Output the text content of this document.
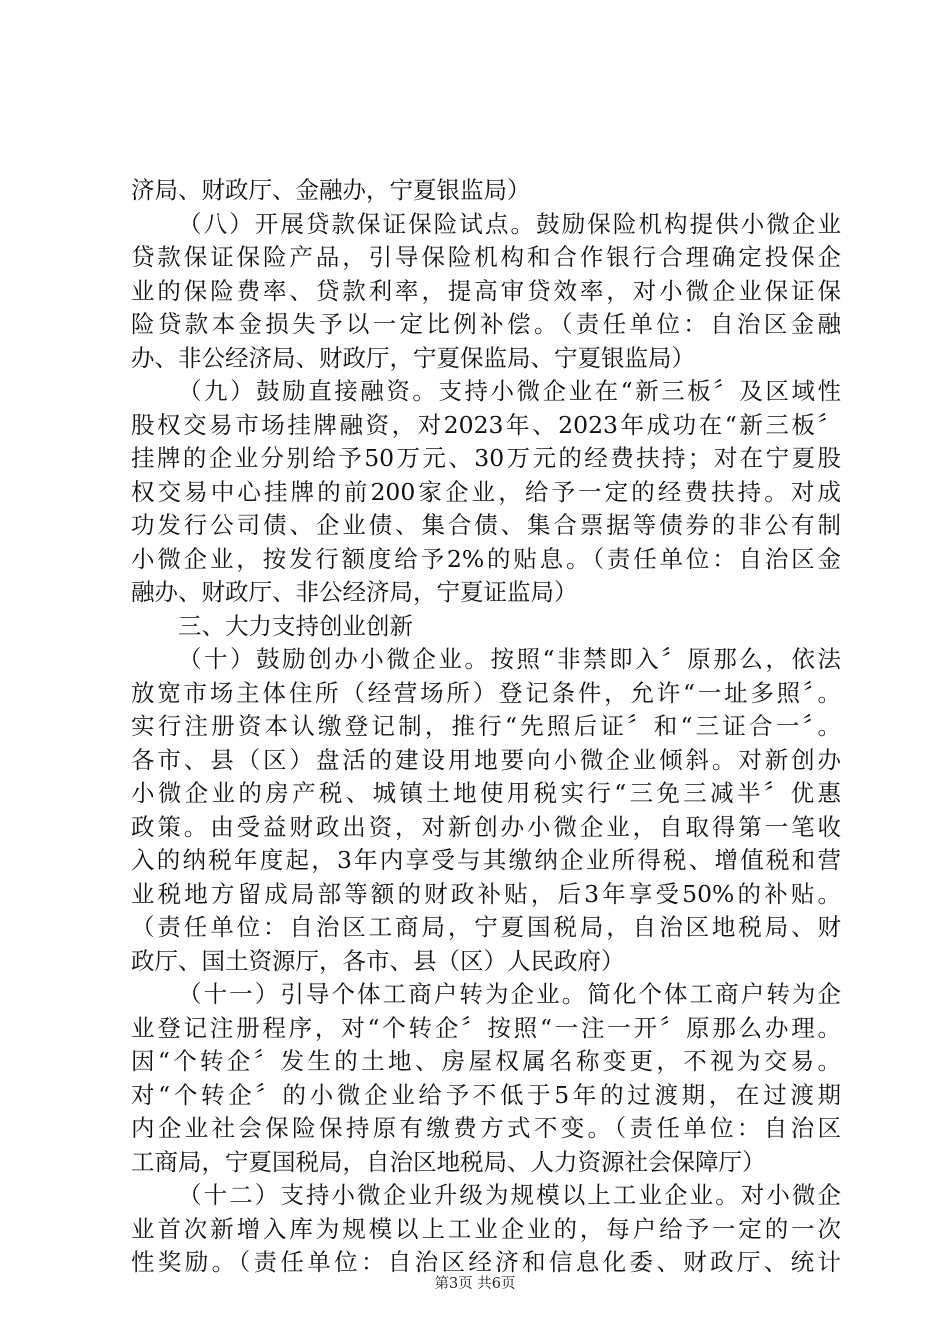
济局、财政厅、金融办，宁夏银监局）
（八）开展贷款保证保险试点。鼓励保险机构提供小微企业
贷款保证保险产品，引导保险机构和合作银行合理确定投保企
业的保险费率、贷款利率，提高审贷效率，对小微企业保证保
险贷款本金损失予以一定比例补偿。（责任单位：自治区金融
办、非公经济局、财政厅，宁夏保监局、宁夏银监局）
（九）鼓励直接融资。支持小微企业在“新三板〞及区域性
股权交易市场挂牌融资，对2023年、2023年成功在“新三板〞
挂牌的企业分别给予50万元、30万元的经费扶持；对在宁夏股
权交易中心挂牌的前200家企业，给予一定的经费扶持。对成
功发行公司债、企业债、集合债、集合票据等债券的非公有制
小微企业，按发行额度给予2%的贴息。（责任单位：自治区金
融办、财政厅、非公经济局，宁夏证监局）
三、大力支持创业创新
（十）鼓励创办小微企业。按照“非禁即入〞原那么，依法
放宽市场主体住所（经营场所）登记条件，允许“一址多照〞。
实行注册资本认缴登记制，推行“先照后证〞和“三证合一〞。
各市、县（区）盘活的建设用地要向小微企业倾斜。对新创办
小微企业的房产税、城镇土地使用税实行“三免三减半〞优惠
政策。由受益财政出资，对新创办小微企业，自取得第一笔收
入的纳税年度起，3年内享受与其缴纳企业所得税、增值税和营
业税地方留成局部等额的财政补贴，后3年享受50%的补贴。
（责任单位：自治区工商局，宁夏国税局，自治区地税局、财
政厅、国土资源厅，各市、县（区）人民政府）
（十一）引导个体工商户转为企业。简化个体工商户转为企
业登记注册程序，对“个转企〞按照“一注一开〞原那么办理。
因“个转企〞发生的土地、房屋权属名称变更，不视为交易。
对“个转企〞的小微企业给予不低于5年的过渡期，在过渡期
内企业社会保险保持原有缴费方式不变。（责任单位：自治区
工商局，宁夏国税局，自治区地税局、人力资源社会保障厅）
（十二）支持小微企业升级为规模以上工业企业。对小微企
业首次新增入库为规模以上工业企业的，每户给予一定的一次
性奖励。（责任单位：自治区经济和信息化委、财政厅、统计
第3页 共6页
